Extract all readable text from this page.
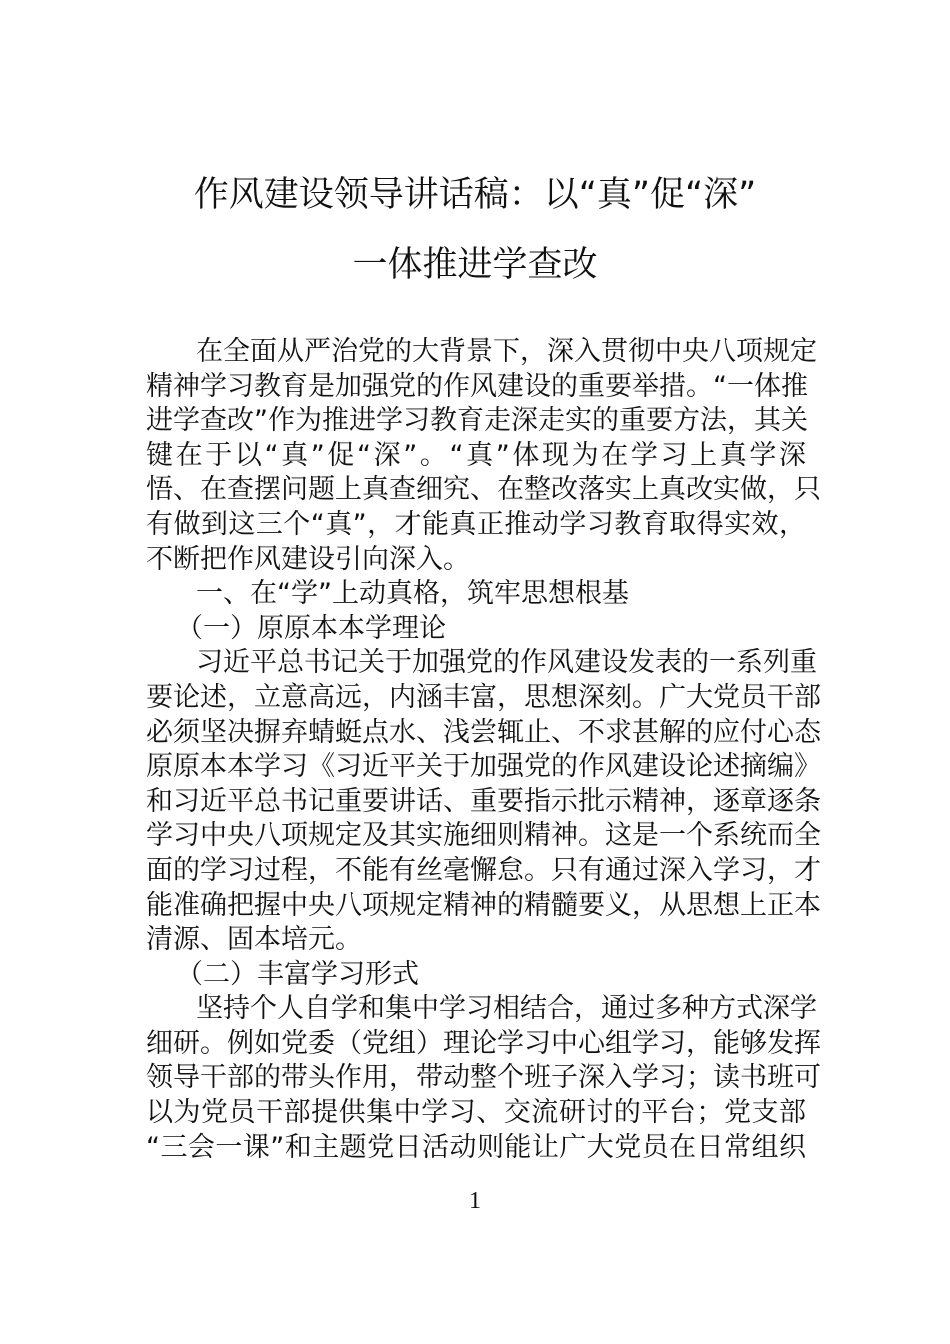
作风建设领导讲话稿：以“真”促“深”
一体推进学查改
在全面从严治党的大背景下，深入贯彻中央八项规定
精神学习教育是加强党的作风建设的重要举措。“一体推
进学查改”作为推进学习教育走深走实的重要方法，其关
键在于以“真”促“深”。“真”体现为在学习上真学深
悟、在查摆问题上真查细究、在整改落实上真改实做，只
有做到这三个“真”，才能真正推动学习教育取得实效，
不断把作风建设引向深入。
一、在“学”上动真格，筑牢思想根基
（一）原原本本学理论
习近平总书记关于加强党的作风建设发表的一系列重
要论述，立意高远，内涵丰富，思想深刻。广大党员干部
必须坚决摒弃蜻蜓点水、浅尝辄止、不求甚解的应付心态
原原本本学习《习近平关于加强党的作风建设论述摘编》
和习近平总书记重要讲话、重要指示批示精神，逐章逐条
学习中央八项规定及其实施细则精神。这是一个系统而全
面的学习过程，不能有丝毫懈怠。只有通过深入学习，才
能准确把握中央八项规定精神的精髓要义，从思想上正本
清源、固本培元。
（二）丰富学习形式
坚持个人自学和集中学习相结合，通过多种方式深学
细研。例如党委（党组）理论学习中心组学习，能够发挥
领导干部的带头作用，带动整个班子深入学习；读书班可
以为党员干部提供集中学习、交流研讨的平台；党支部
“三会一课”和主题党日活动则能让广大党员在日常组织
1
